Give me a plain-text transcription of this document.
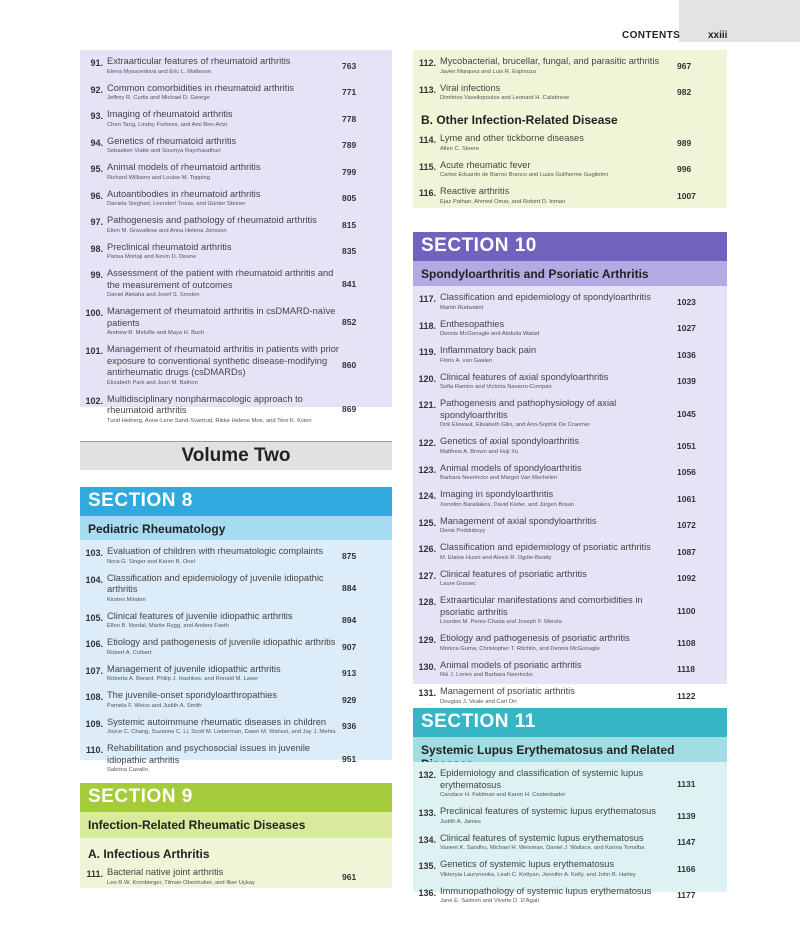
CONTENTS	xxiii
91. Extraarticular features of rheumatoid arthritis
Elena Myasoedova and Eric L. Matteson
763
92. Common comorbidities in rheumatoid arthritis
Jeffrey R. Curtis and Michael D. George
771
93. Imaging of rheumatoid arthritis
Chen Tang, Lindsy Forbess, and Ami Ben-Artzi
778
94. Genetics of rheumatoid arthritis
Sebastien Viatte and Soumya Raychaudhuri
789
95. Animal models of rheumatoid arthritis
Richard Williams and Louise M. Topping
799
96. Autoantibodies in rheumatoid arthritis
Daniela Sieghart, Leendert Trouw, and Günter Steiner
805
97. Pathogenesis and pathology of rheumatoid arthritis
Ellen M. Gravallese and Anna Helena Jonsson
815
98. Preclinical rheumatoid arthritis
Parisa Mortaji and Kevin D. Deane
835
99. Assessment of the patient with rheumatoid arthritis and the measurement of outcomes
Daniel Aletaha and Josef S. Smolen
841
100. Management of rheumatoid arthritis in csDMARD-naïve patients
Andrew R. Melville and Maya H. Buch
852
101. Management of rheumatoid arthritis in patients with prior exposure to conventional synthetic disease-modifying antirheumatic drugs (csDMARDs)
Elizabeth Park and Joan M. Bathon
860
102. Multidisciplinary nonpharmacologic approach to rheumatoid arthritis
Turid Heiberg, Anne-Lene Sand-Svartrud, Rikke Helene Moe, and Tore K. Kvien
869
Volume Two
SECTION 8
Pediatric Rheumatology
103. Evaluation of children with rheumatologic complaints
Nora G. Singer and Karen B. Onel
875
104. Classification and epidemiology of juvenile idiopathic arthritis
Kirsten Minden
884
105. Clinical features of juvenile idiopathic arthritis
Ellen B. Nordal, Marite Rygg, and Anders Fasth
894
106. Etiology and pathogenesis of juvenile idiopathic arthritis
Robert A. Colbert
907
107. Management of juvenile idiopathic arthritis
Roberta A. Berard, Philip J. Hashkes, and Ronald M. Laxer
913
108. The juvenile-onset spondyloarthropathies
Pamela F. Weiss and Judith A. Smith
929
109. Systemic autoimmune rheumatic diseases in children
Joyce C. Chang, Suzanne C. Li, Scott M. Lieberman, Dawn M. Wahezi, and Jay J. Mehta
936
110. Rehabilitation and psychosocial issues in juvenile idiopathic arthritis
Sabrina Cavallo
951
SECTION 9
Infection-Related Rheumatic Diseases
A. Infectious Arthritis
111. Bacterial native joint arthritis
Leo R.W. Kronberger, Tilman Obenhuber, and Ilker Uçkay
961
112. Mycobacterial, brucellar, fungal, and parasitic arthritis
Javier Marquez and Luis R. Espinoza
967
113. Viral infections
Dimitrios Vassilopoulos and Leonard H. Calabrese
982
B. Other Infection-Related Disease
114. Lyme and other tickborne diseases
Allen C. Steere
989
115. Acute rheumatic fever
Carlos Eduardo de Barros Branco and Luiza Guilherme Guglielmi
996
116. Reactive arthritis
Ejaz Pathan, Ahmed Omar, and Robert D. Inman
1007
SECTION 10
Spondyloarthritis and Psoriatic Arthritis
117. Classification and epidemiology of spondyloarthritis
Martin Rudwaleit
1023
118. Enthesopathies
Dennis McGonagle and Abdulla Watad
1027
119. Inflammatory back pain
Floris A. van Gaalen
1036
120. Clinical features of axial spondyloarthritis
Sofia Ramiro and Victoria Navarro-Compán
1039
121. Pathogenesis and pathophysiology of axial spondyloarthritis
Dirk Elewaut, Elisabeth Gilis, and Ann-Sophie De Craemer
1045
122. Genetics of axial spondyloarthritis
Matthew A. Brown and Huji Xu
1051
123. Animal models of spondyloarthritis
Barbara Neerinckx and Margot Van Mechelen
1056
124. Imaging in spondyloarthritis
Xenofon Baraliakos, David Kiefer, and Jürgen Braun
1061
125. Management of axial spondyloarthritis
Denis Poddubnyy
1072
126. Classification and epidemiology of psoriatic arthritis
M. Elaine Husni and Alexis R. Ogdie-Beatty
1087
127. Clinical features of psoriatic arthritis
Laure Gossec
1092
128. Extraarticular manifestations and comorbidities in psoriatic arthritis
Lourdes M. Perez-Chada and Joseph F. Merola
1100
129. Etiology and pathogenesis of psoriatic arthritis
Monica Guma, Christopher T. Ritchlin, and Dennis McGonagle
1108
130. Animal models of psoriatic arthritis
Rik J. Lories and Barbara Neerinckx
1118
131. Management of psoriatic arthritis
Douglas J. Veale and Carl Orr
1122
SECTION 11
Systemic Lupus Erythematosus and Related
132. Epidemiology and classification of systemic lupus erythematosus
Candace H. Feldman and Karen H. Costenbader
1131
133. Preclinical features of systemic lupus erythematosus
Judith A. James
1139
134. Clinical features of systemic lupus erythematosus
Vaneet K. Sandhu, Michael H. Weisman, Daniel J. Wallace, and Karina Torralba
1147
135. Genetics of systemic lupus erythematosus
Viktoryia Laurynenka, Leah C. Kottyan, Jennifer A. Kelly, and John B. Harley
1166
136. Immunopathology of systemic lupus erythematosus
Jane E. Salmon and Vivette D. D'Agati
1177
